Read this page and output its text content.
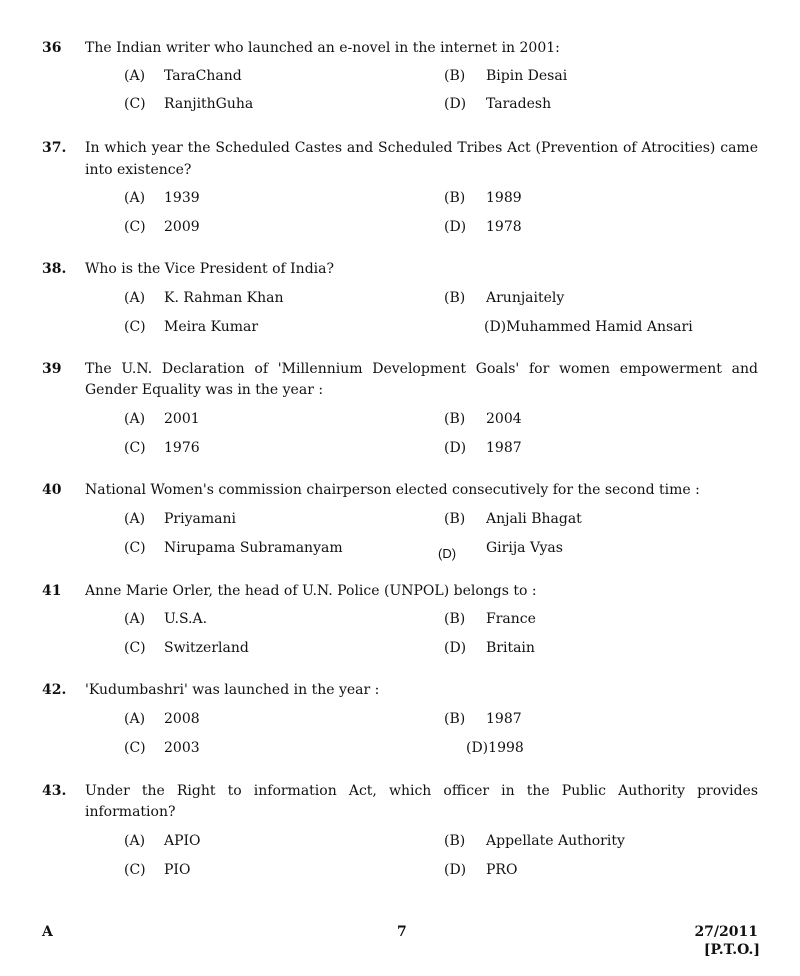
36 The Indian writer who launched an e-novel in the internet in 2001:
(A) TaraChand	(B) Bipin Desai
(C) RanjithGuha	(D) Taradesh
37. In which year the Scheduled Castes and Scheduled Tribes Act (Prevention of Atrocities) came
into existence?
(A) 1939	(B) 1989
(C) 2009	(D) 1978
38. Who is the Vice President of India?
(A) K. Rahman Khan	(B) Arunjaitely
(C) Meira Kumar	(D)Muhammed Hamid Ansari
39 The U.N. Declaration of 'Millennium Development Goals' for women empowerment and
Gender Equality was in the year :
(A) 2001	(B) 2004
(C) 1976	(D) 1987
40 National Women's commission chairperson elected consecutively for the second time :
(A) Priyamani	(B) Anjali Bhagat
(C) Nirupama Subramanyam	(D) Girija Vyas
41 Anne Marie Orler, the head of U.N. Police (UNPOL) belongs to :
(A) U.S.A.	(B) France
(C) Switzerland	(D) Britain
42. 'Kudumbashri' was launched in the year :
(A) 2008	(B) 1987
(C) 2003	(D)1998
43. Under the Right to information Act, which officer in the Public Authority provides
information?
(A) APIO	(B) Appellate Authority
(C) PIO	(D) PRO
A	7	27/2011
[P.T.O.]
